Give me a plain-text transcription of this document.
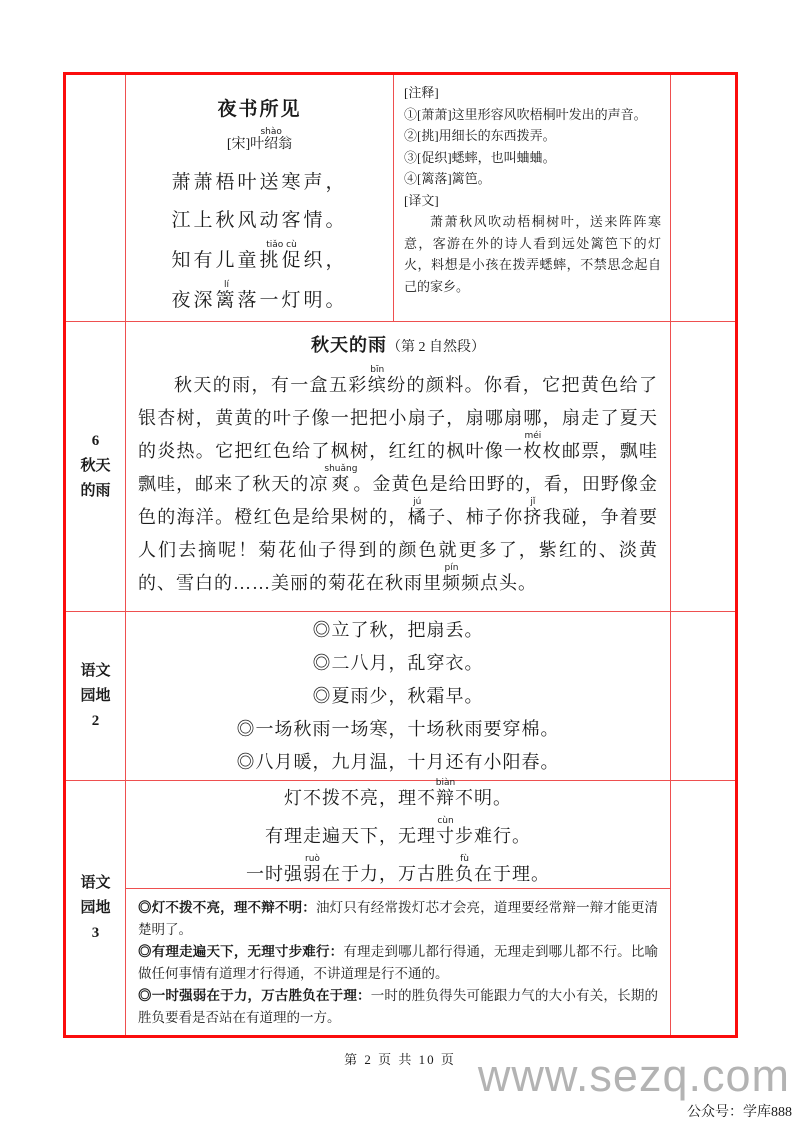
夜书所见
[宋]叶绍shào翁
萧萧梧叶送寒声，
江上秋风动客情。
知有儿童挑促tiǎo cù织，
夜深篱lí落一灯明。
[注释]
①[萧萧]这里形容风吹梧桐叶发出的声音。
②[挑]用细长的东西拨弄。
③[促织]蟋蟀，也叫蛐蛐。
④[篱落]篱笆。
[译文]
萧萧秋风吹动梧桐树叶，送来阵阵寒意，客游在外的诗人看到远处篱笆下的灯火，料想是小孩在拨弄蟋蟀，不禁思念起自己的家乡。
6
秋天
的雨
秋天的雨（第 2 自然段）
秋天的雨，有一盒五彩缤bīn纷的颜料。你看，它把黄色给了银杏树，黄黄的叶子像一把把小扇子，扇哪扇哪，扇走了夏天的炎热。它把红色给了枫树，红红的枫叶像一枚méi枚邮票，飘哇飘哇，邮来了秋天的凉爽shuǎng。金黄色是给田野的，看，田野像金色的海洋。橙红色是给果树的，橘jú子、柿子你挤jǐ我碰，争着要人们去摘呢！菊花仙子得到的颜色就更多了，紫红的、淡黄的、雪白的……美丽的菊花在秋雨里频pín频点头。
语文
园地
2
◎立了秋，把扇丢。
◎二八月，乱穿衣。
◎夏雨少，秋霜早。
◎一场秋雨一场寒，十场秋雨要穿棉。
◎八月暖，九月温，十月还有小阳春。
语文
园地
3
灯不拨不亮，理不辩biàn不明。
有理走遍天下，无理寸cùn步难行。
一时强弱ruò在于力，万古胜负fù在于理。
◎灯不拨不亮，理不辩不明：油灯只有经常拨灯芯才会亮，道理要经常辩一辩才能更清楚明了。
◎有理走遍天下，无理寸步难行：有理走到哪儿都行得通，无理走到哪儿都不行。比喻做任何事情有道理才行得通，不讲道理是行不通的。
◎一时强弱在于力，万古胜负在于理：一时的胜负得失可能跟力气的大小有关，长期的胜负要看是否站在有道理的一方。
第 2 页 共 10 页 www.sezq.com
公众号：学库888
